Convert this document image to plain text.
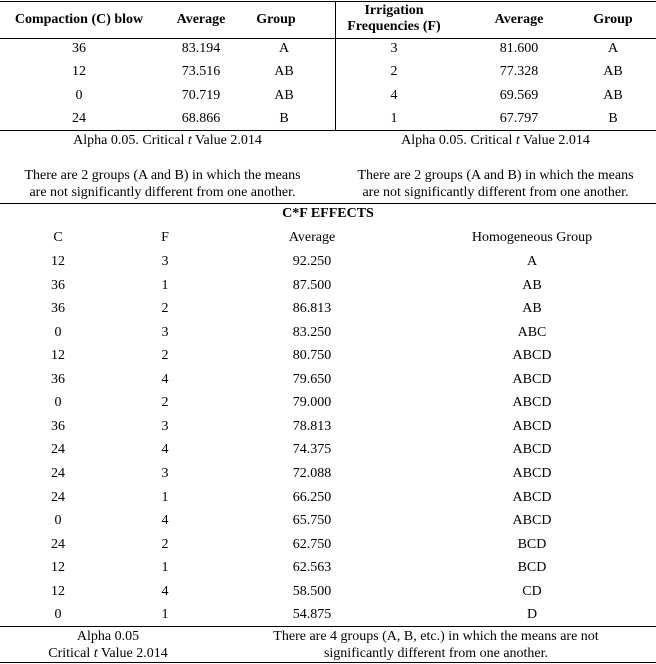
Compaction (C) blow	Average	Group
36	83.194	A
12	73.516	AB
0	70.719	AB
24	68.866	B
Alpha 0.05. Critical t Value 2.014
There are 2 groups (A and B) in which the means
are not significantly different from one another.
Irrigation
Frequencies (F)	Average	Group
3	81.600	A
2	77.328	AB
4	69.569	AB
1	67.797	B
Alpha 0.05. Critical t Value 2.014
There are 2 groups (A and B) in which the means
are not significantly different from one another.
C*F EFFECTS
C	F	Average	Homogeneous Group
12	3	92.250	A
36	1	87.500	AB
36	2	86.813	AB
0	3	83.250	ABC
12	2	80.750	ABCD
36	4	79.650	ABCD
0	2	79.000	ABCD
36	3	78.813	ABCD
24	4	74.375	ABCD
24	3	72.088	ABCD
24	1	66.250	ABCD
0	4	65.750	ABCD
24	2	62.750	BCD
12	1	62.563	BCD
12	4	58.500	CD
0	1	54.875	D
Alpha 0.05
Critical t Value 2.014
There are 4 groups (A, B, etc.) in which the means are not
significantly different from one another.
